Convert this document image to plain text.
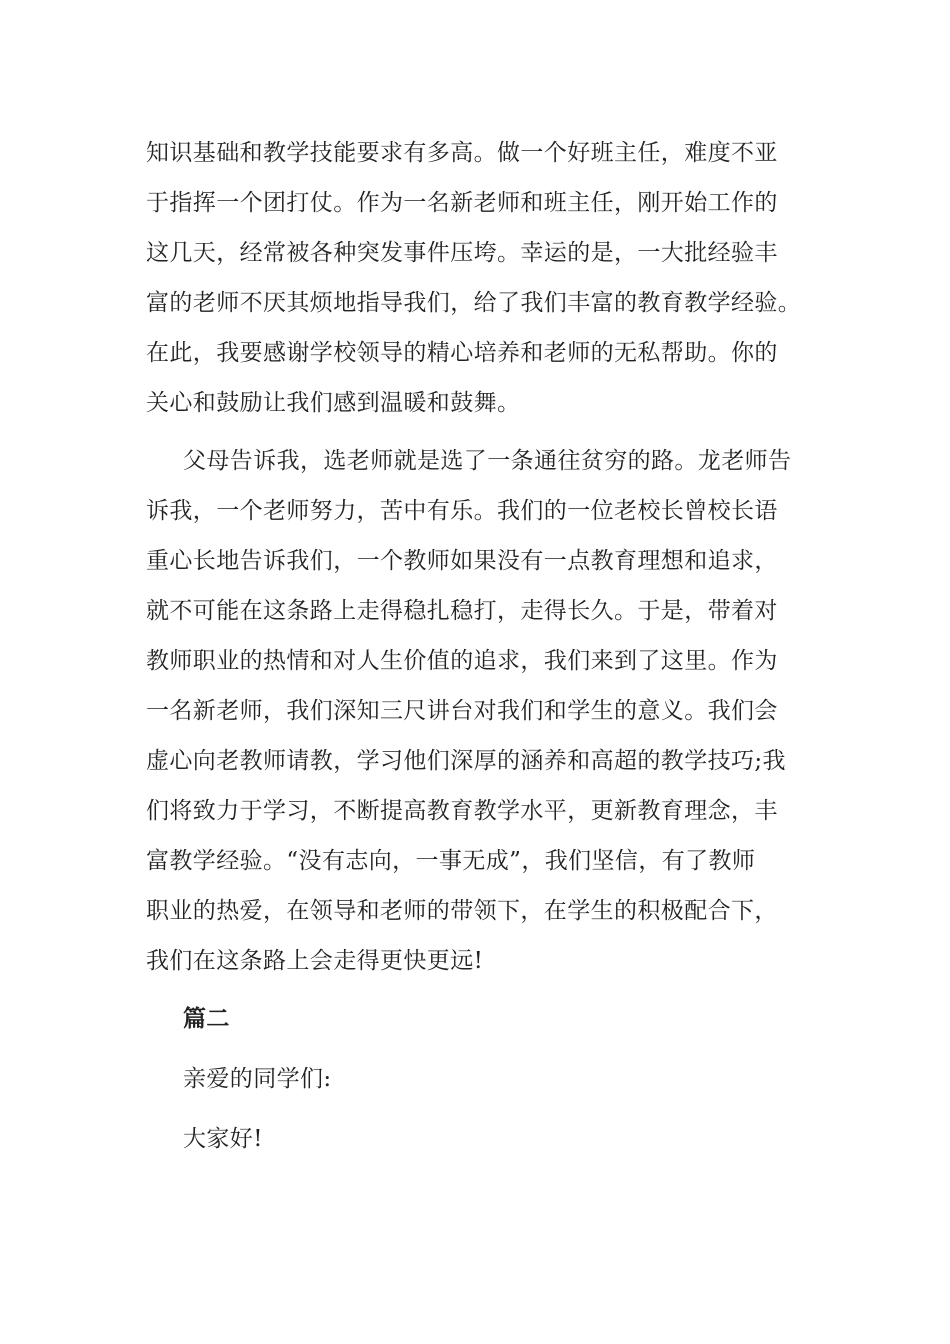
知识基础和教学技能要求有多高。做一个好班主任，难度不亚
于指挥一个团打仗。作为一名新老师和班主任，刚开始工作的
这几天，经常被各种突发事件压垮。幸运的是，一大批经验丰
富的老师不厌其烦地指导我们，给了我们丰富的教育教学经验。
在此，我要感谢学校领导的精心培养和老师的无私帮助。你的
关心和鼓励让我们感到温暖和鼓舞。
父母告诉我，选老师就是选了一条通往贫穷的路。龙老师告
诉我，一个老师努力，苦中有乐。我们的一位老校长曾校长语
重心长地告诉我们，一个教师如果没有一点教育理想和追求，
就不可能在这条路上走得稳扎稳打，走得长久。于是，带着对
教师职业的热情和对人生价值的追求，我们来到了这里。作为
一名新老师，我们深知三尺讲台对我们和学生的意义。我们会
虚心向老教师请教，学习他们深厚的涵养和高超的教学技巧;我
们将致力于学习，不断提高教育教学水平，更新教育理念，丰
富教学经验。“没有志向，一事无成”，我们坚信，有了教师
职业的热爱，在领导和老师的带领下，在学生的积极配合下，
我们在这条路上会走得更快更远!
篇二
亲爱的同学们:
大家好!
